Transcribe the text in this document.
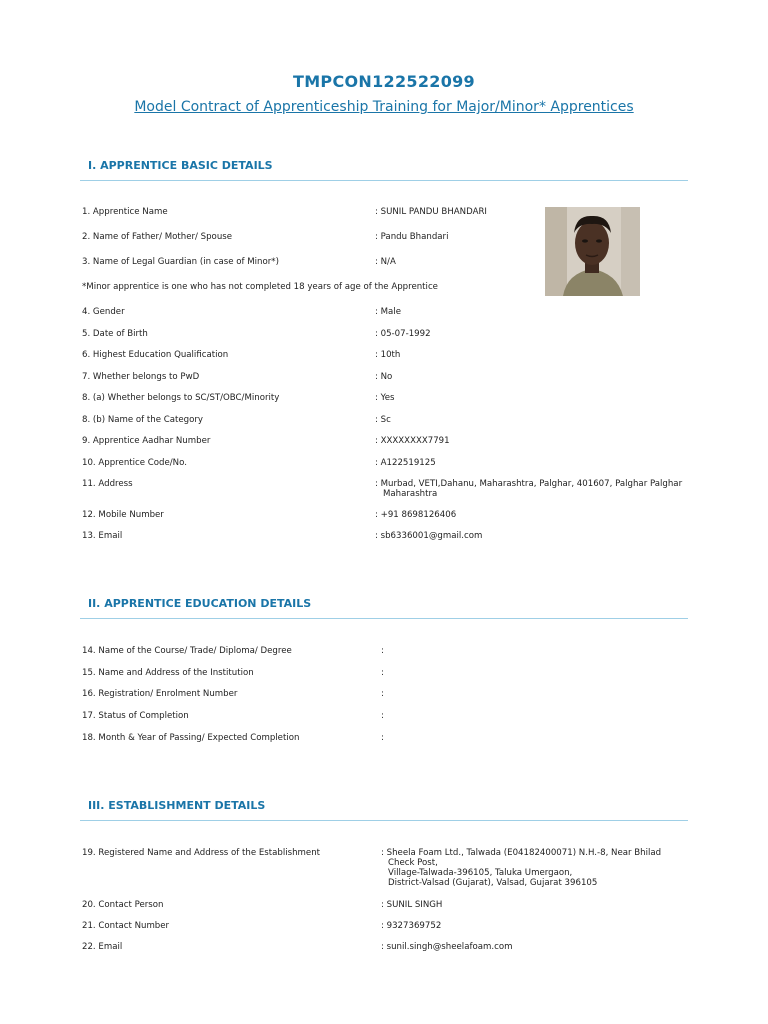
TMPCON122522099
Model Contract of Apprenticeship Training for Major/Minor* Apprentices
I. APPRENTICE BASIC DETAILS
1. Apprentice Name	: SUNIL PANDU BHANDARI
2. Name of Father/ Mother/ Spouse	: Pandu Bhandari
3. Name of Legal Guardian (in case of Minor*)	: N/A
*Minor apprentice is one who has not completed 18 years of age of the Apprentice
4. Gender	: Male
5. Date of Birth	: 05-07-1992
6. Highest Education Qualification	: 10th
7. Whether belongs to PwD	: No
8. (a) Whether belongs to SC/ST/OBC/Minority	: Yes
8. (b) Name of the Category	: Sc
9. Apprentice Aadhar Number	: XXXXXXXX7791
10. Apprentice Code/No.	: A122519125
11. Address	: Murbad, VETI,Dahanu, Maharashtra, Palghar, 401607, Palghar Palghar
Maharashtra
12. Mobile Number	: +91 8698126406
13. Email	: sb6336001@gmail.com
II. APPRENTICE EDUCATION DETAILS
14. Name of the Course/ Trade/ Diploma/ Degree	:
15. Name and Address of the Institution	:
16. Registration/ Enrolment Number	:
17. Status of Completion	:
18. Month & Year of Passing/ Expected Completion	:
III. ESTABLISHMENT DETAILS
19. Registered Name and Address of the Establishment	: Sheela Foam Ltd., Talwada (E04182400071) N.H.-8, Near Bhilad
Check Post,
Village-Talwada-396105, Taluka Umergaon,
District-Valsad (Gujarat), Valsad, Gujarat 396105
20. Contact Person	: SUNIL SINGH
21. Contact Number	: 9327369752
22. Email	: sunil.singh@sheelafoam.com
